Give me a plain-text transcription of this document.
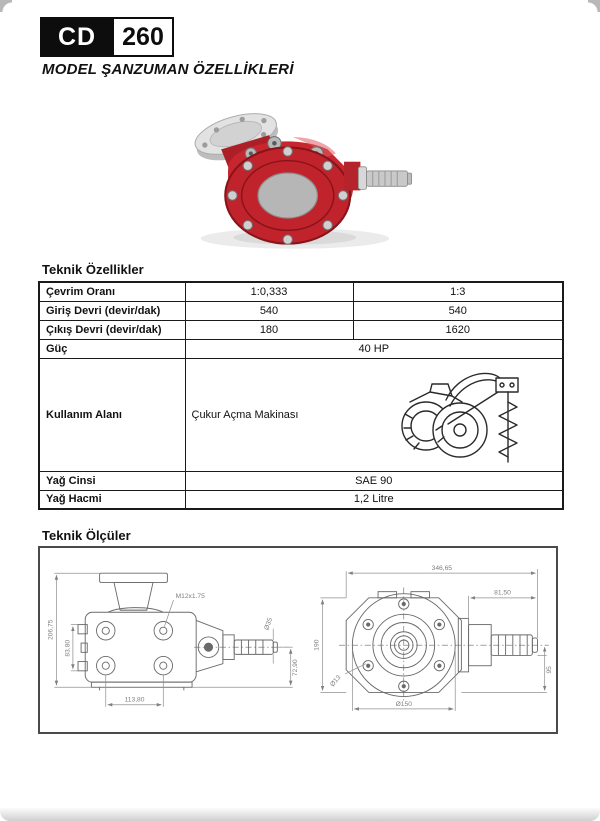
CD	260
MODEL ŞANZUMAN ÖZELLİKLERİ
Teknik Özellikler
Çevrim Oranı	1:0,333	1:3
Giriş Devri (devir/dak)	540	540
Çıkış Devri (devir/dak)	180	1620
Güç	40 HP	
Kullanım Alanı	Çukur Açma Makinası	

Yağ Cinsi	SAE 90	
Yağ Hacmi	1,2 Litre	
Teknik Ölçüler
206,75
83,80
113,80
72,90
M12x1.75
Ø35
346,65
81,50
190
Ø150
Ø13
95
